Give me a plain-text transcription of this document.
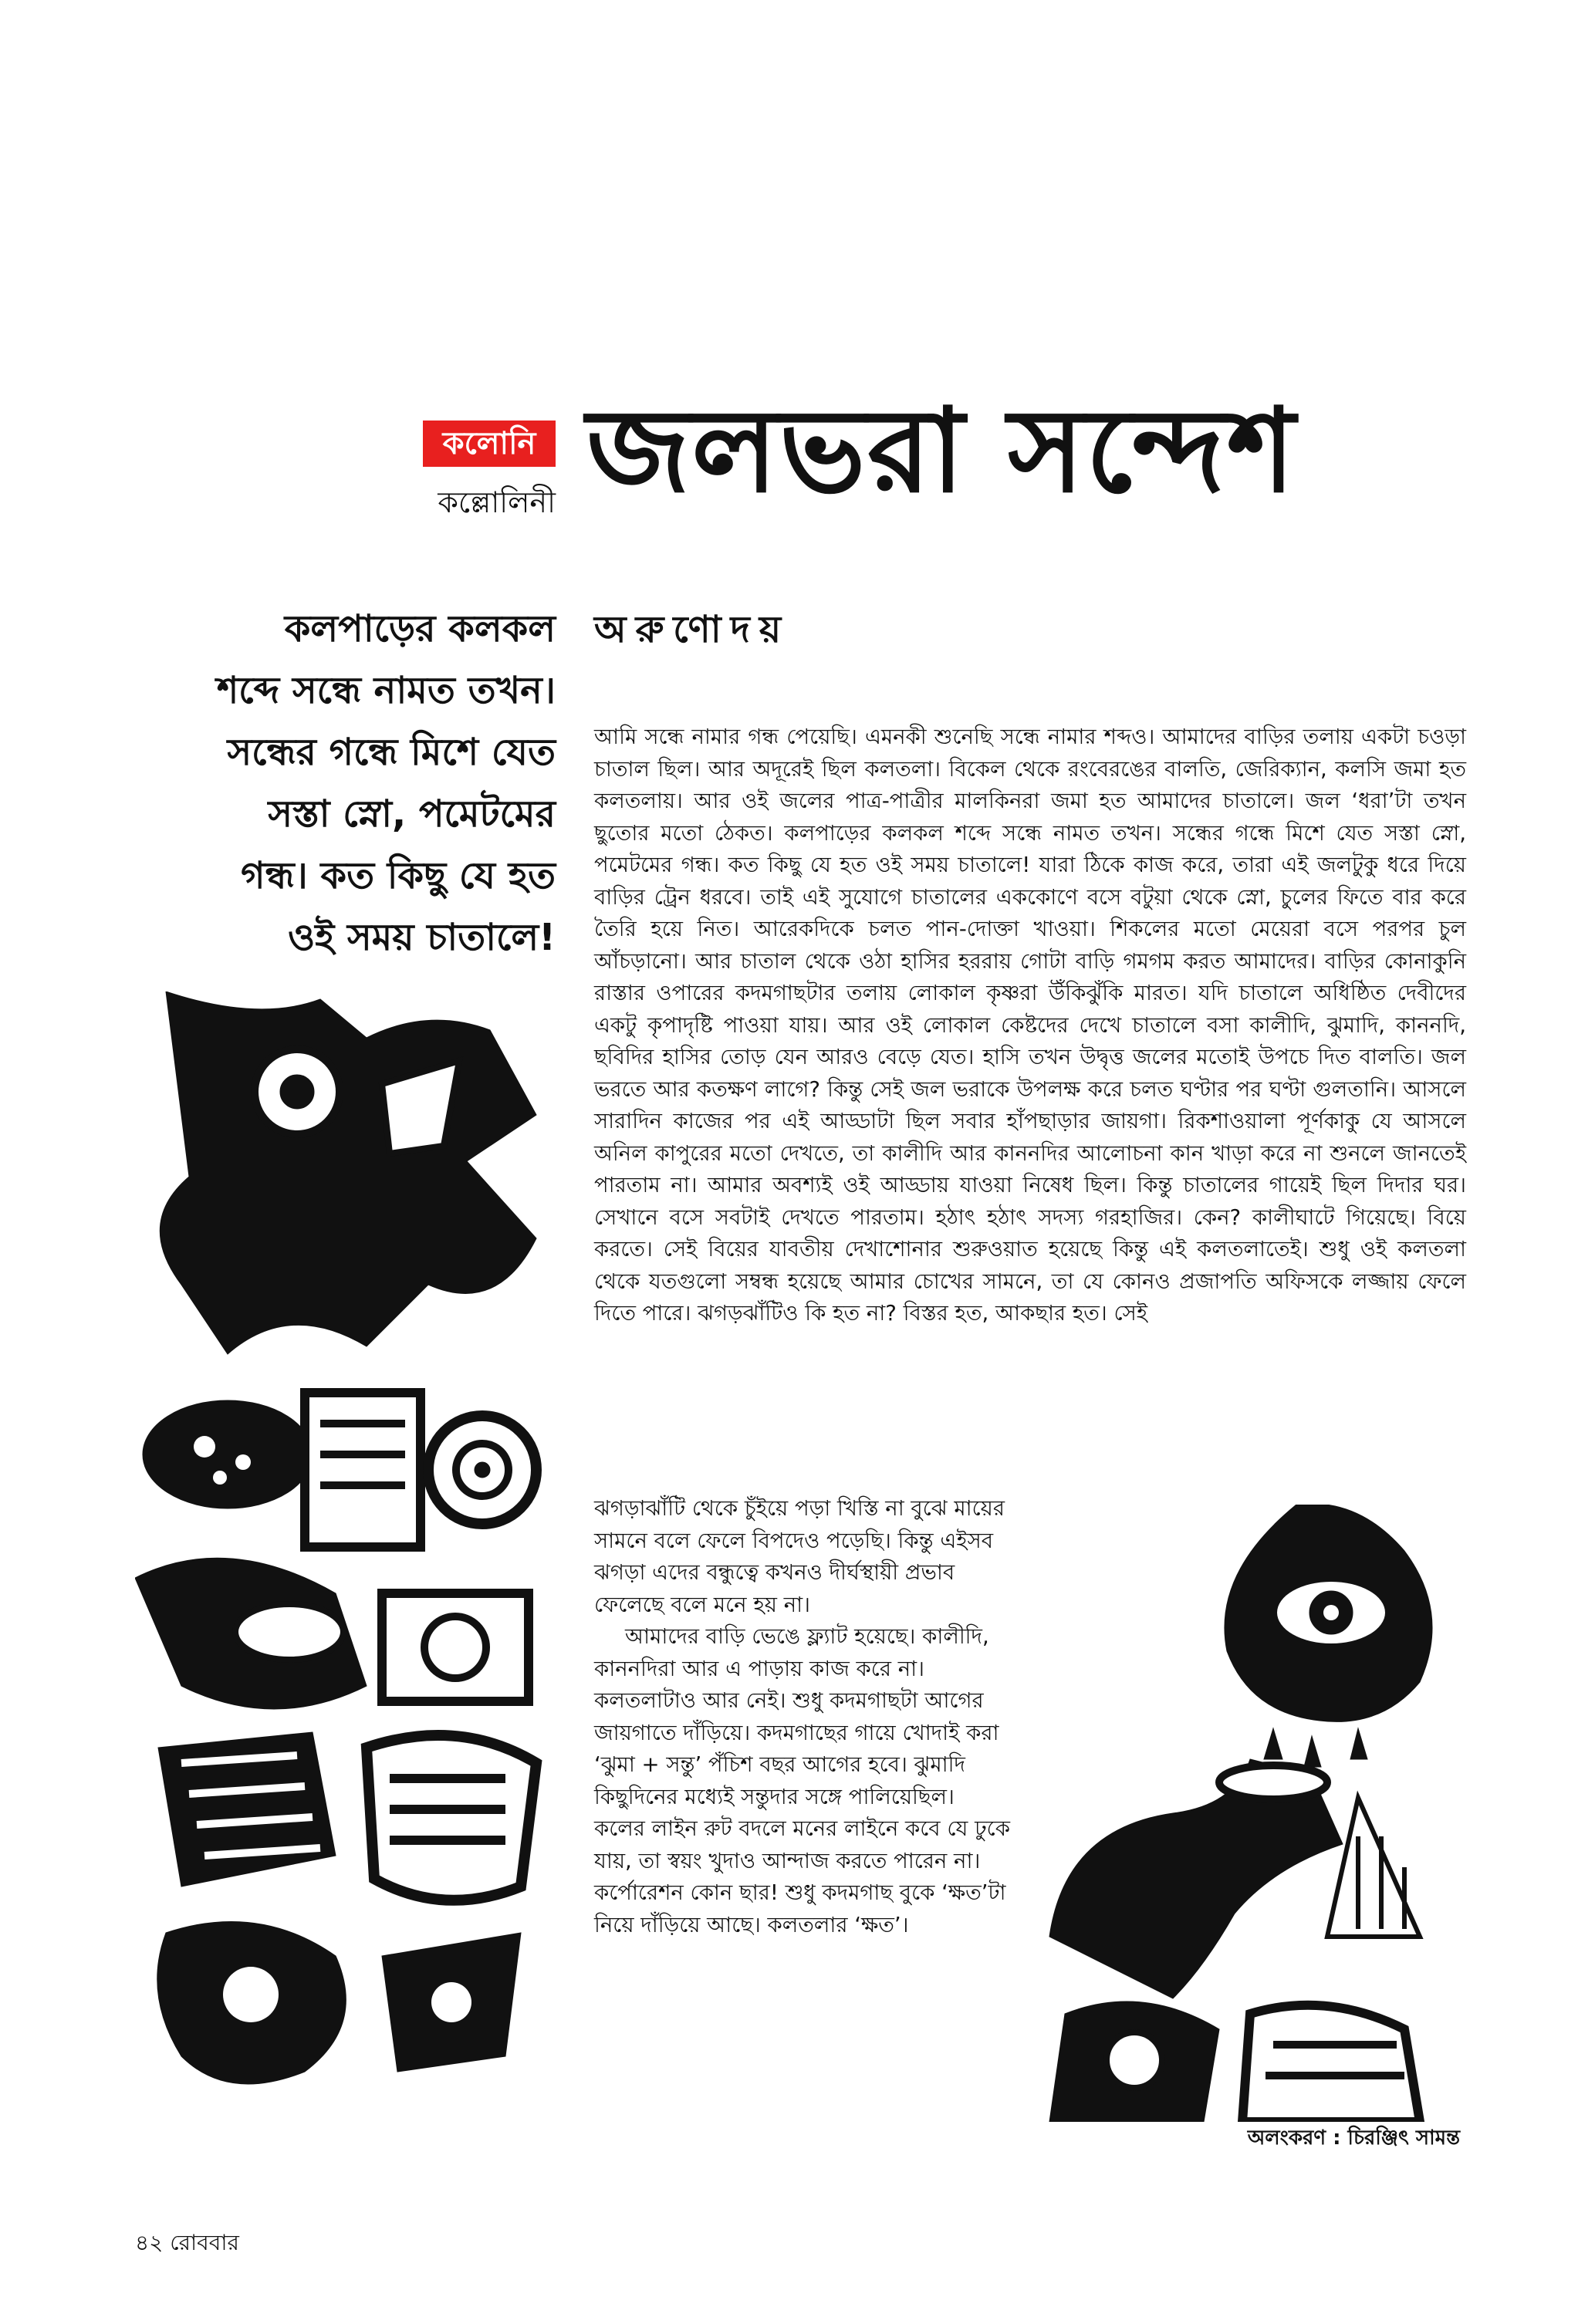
কলোনি
কল্লোলিনী জলভরা সন্দেশ
কলপাড়ের কলকল
শব্দে সন্ধে নামত তখন।
সন্ধের গন্ধে মিশে যেত
সস্তা স্নো, পমেটমের
গন্ধ। কত কিছু যে হত
ওই সময় চাতালে!
অরুণোদয়

আমি সন্ধে নামার গন্ধ পেয়েছি। এমনকী শুনেছি সন্ধে নামার শব্দও। আমাদের বাড়ির তলায় একটা চওড়া চাতাল ছিল। আর অদূরেই ছিল কলতলা। বিকেল থেকে রংবেরঙের বালতি, জেরিক্যান, কলসি জমা হত কলতলায়। আর ওই জলের পাত্র-পাত্রীর মালকিনরা জমা হত আমাদের চাতালে। জল ‘ধরা’টা তখন ছুতোর মতো ঠেকত। কলপাড়ের কলকল শব্দে সন্ধে নামত তখন। সন্ধের গন্ধে মিশে যেত সস্তা স্নো, পমেটমের গন্ধ। কত কিছু যে হত ওই সময় চাতালে! যারা ঠিকে কাজ করে, তারা এই জলটুকু ধরে দিয়ে বাড়ির ট্রেন ধরবে। তাই এই সুযোগে চাতালের এককোণে বসে বটুয়া থেকে স্নো, চুলের ফিতে বার করে তৈরি হয়ে নিত। আরেকদিকে চলত পান-দোক্তা খাওয়া। শিকলের মতো মেয়েরা বসে পরপর চুল আঁচড়ানো। আর চাতাল থেকে ওঠা হাসির হররায় গোটা বাড়ি গমগম করত আমাদের। বাড়ির কোনাকুনি রাস্তার ওপারের কদমগাছটার তলায় লোকাল কৃষ্ণরা উঁকিঝুঁকি মারত। যদি চাতালে অধিষ্ঠিত দেবীদের একটু কৃপাদৃষ্টি পাওয়া যায়। আর ওই লোকাল কেষ্টদের দেখে চাতালে বসা কালীদি, ঝুমাদি, কাননদি, ছবিদির হাসির তোড় যেন আরও বেড়ে যেত। হাসি তখন উদ্বৃত্ত জলের মতোই উপচে দিত বালতি। জল ভরতে আর কতক্ষণ লাগে? কিন্তু সেই জল ভরাকে উপলক্ষ করে চলত ঘণ্টার পর ঘণ্টা গুলতানি। আসলে সারাদিন কাজের পর এই আড্ডাটা ছিল সবার হাঁপছাড়ার জায়গা। রিকশাওয়ালা পূর্ণকাকু যে আসলে অনিল কাপুরের মতো দেখতে, তা কালীদি আর কাননদির আলোচনা কান খাড়া করে না শুনলে জানতেই পারতাম না। আমার অবশ্যই ওই আড্ডায় যাওয়া নিষেধ ছিল। কিন্তু চাতালের গায়েই ছিল দিদার ঘর। সেখানে বসে সবটাই দেখতে পারতাম। হঠাৎ হঠাৎ সদস্য গরহাজির। কেন? কালীঘাটে গিয়েছে। বিয়ে করতে। সেই বিয়ের যাবতীয় দেখাশোনার শুরুওয়াত হয়েছে কিন্তু এই কলতলাতেই। শুধু ওই কলতলা থেকে যতগুলো সম্বন্ধ হয়েছে আমার চোখের সামনে, তা যে কোনও প্রজাপতি অফিসকে লজ্জায় ফেলে দিতে পারে। ঝগড়ঝাঁটিও কি হত না? বিস্তর হত, আকছার হত। সেই

ঝগড়াঝাঁটি থেকে চুঁইয়ে পড়া খিস্তি না বুঝে মায়ের সামনে বলে ফেলে বিপদেও পড়েছি। কিন্তু এইসব ঝগড়া এদের বন্ধুত্বে কখনও দীর্ঘস্থায়ী প্রভাব ফেলেছে বলে মনে হয় না।

আমাদের বাড়ি ভেঙে ফ্ল্যাট হয়েছে। কালীদি, কাননদিরা আর এ পাড়ায় কাজ করে না। কলতলাটাও আর নেই। শুধু কদমগাছটা আগের জায়গাতে দাঁড়িয়ে। কদমগাছের গায়ে খোদাই করা ‘ঝুমা + সন্তু’ পঁচিশ বছর আগের হবে। ঝুমাদি কিছুদিনের মধ্যেই সন্তুদার সঙ্গে পালিয়েছিল। কলের লাইন রুট বদলে মনের লাইনে কবে যে ঢুকে যায়, তা স্বয়ং খুদাও আন্দাজ করতে পারেন না। কর্পোরেশন কোন ছার! শুধু কদমগাছ বুকে ‘ক্ষত’টা নিয়ে দাঁড়িয়ে আছে। কলতলার ‘ক্ষত’।

অলংকরণ : চিরঞ্জিৎ সামন্ত
৪২ রোববার
